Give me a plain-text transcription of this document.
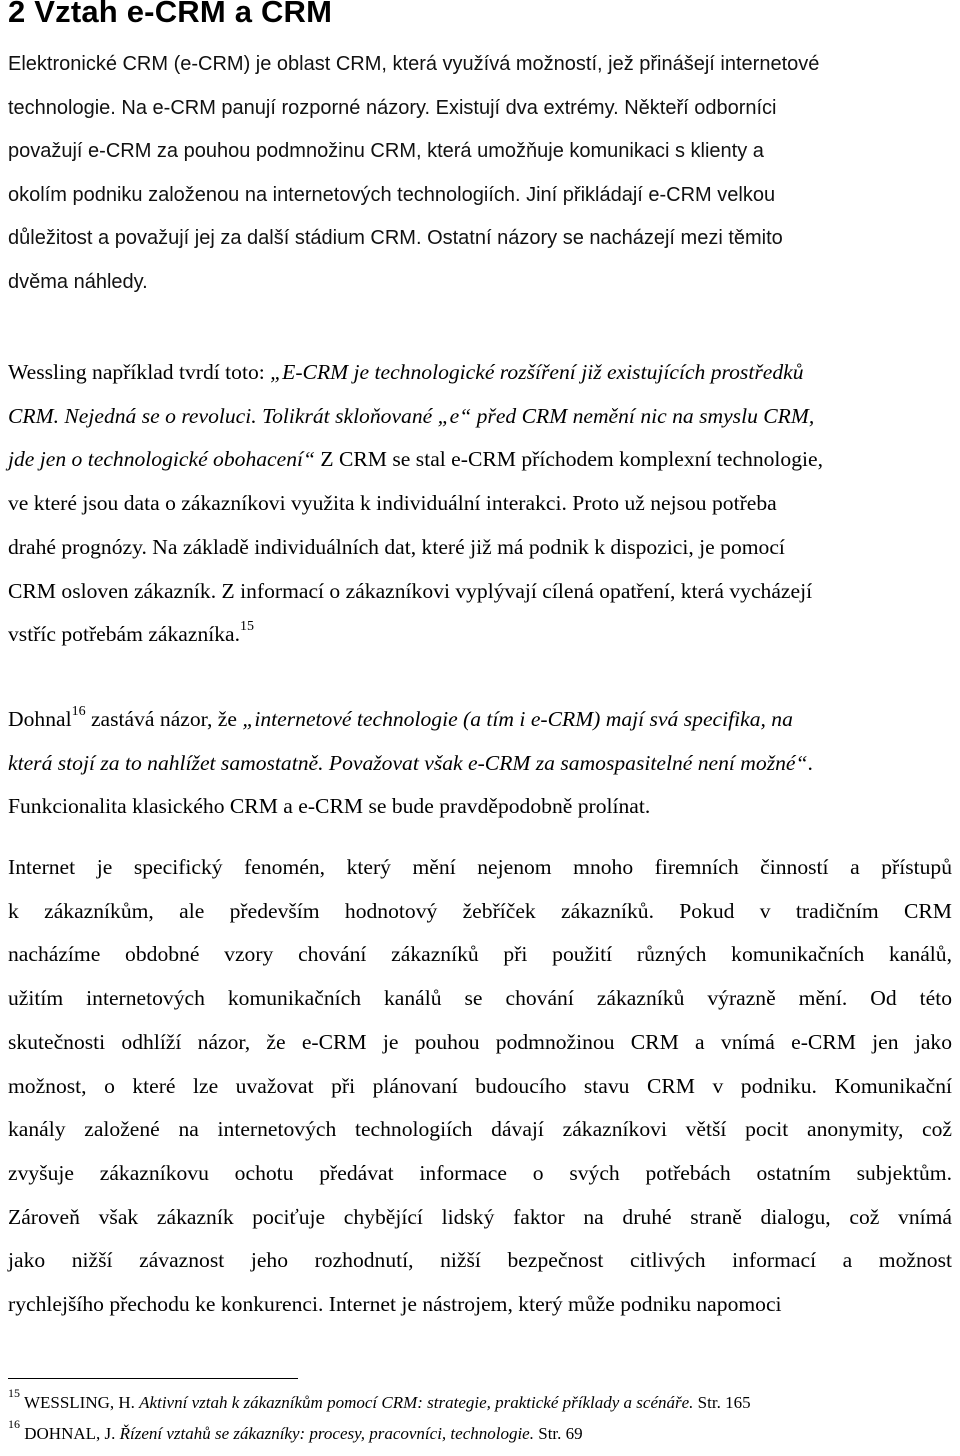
2 Vztah e-CRM a CRM
Elektronické CRM (e-CRM) je oblast CRM, která využívá možností, jež přinášejí internetové
technologie. Na e-CRM panují rozporné názory. Existují dva extrémy. Někteří odborníci
považují e-CRM za pouhou podmnožinu CRM, která umožňuje komunikaci s klienty a
okolím podniku založenou na internetových technologiích. Jiní přikládají e-CRM velkou
důležitost a považují jej za další stádium CRM. Ostatní názory se nacházejí mezi těmito
dvěma náhledy.
Wessling například tvrdí toto: „E-CRM je technologické rozšíření již existujících prostředků
CRM. Nejedná se o revoluci. Tolikrát skloňované „e“ před CRM nemění nic na smyslu CRM,
jde jen o technologické obohacení“ Z CRM se stal e-CRM příchodem komplexní technologie,
ve které jsou data o zákazníkovi využita k individuální interakci. Proto už nejsou potřeba
drahé prognózy. Na základě individuálních dat, které již má podnik k dispozici, je pomocí
CRM osloven zákazník. Z informací o zákazníkovi vyplývají cílená opatření, která vycházejí
vstříc potřebám zákazníka.$^{15}$
Dohnal$^{16}$ zastává názor, že „internetové technologie (a tím i e-CRM) mají svá specifika, na
která stojí za to nahlížet samostatně. Považovat však e-CRM za samospasitelné není možné“.
Funkcionalita klasického CRM a e-CRM se bude pravděpodobně prolínat.
Internet je specifický fenomén, který mění nejenom mnoho firemních činností a přístupů
k zákazníkům, ale především hodnotový žebříček zákazníků. Pokud v tradičním CRM
nacházíme obdobné vzory chování zákazníků při použití různých komunikačních kanálů,
užitím internetových komunikačních kanálů se chování zákazníků výrazně mění. Od této
skutečnosti odhlíží názor, že e-CRM je pouhou podmnožinou CRM a vnímá e-CRM jen jako
možnost, o které lze uvažovat při plánovaní budoucího stavu CRM v podniku. Komunikační
kanály založené na internetových technologiích dávají zákazníkovi větší pocit anonymity, což
zvyšuje zákazníkovu ochotu předávat informace o svých potřebách ostatním subjektům.
Zároveň však zákazník pociťuje chybějící lidský faktor na druhé straně dialogu, což vnímá
jako nižší závaznost jeho rozhodnutí, nižší bezpečnost citlivých informací a možnost
rychlejšího přechodu ke konkurenci. Internet je nástrojem, který může podniku napomoci
$^{15}$ WESSLING, H. Aktivní vztah k zákazníkům pomocí CRM: strategie, praktické příklady a scénáře. Str. 165
$^{16}$ DOHNAL, J. Řízení vztahů se zákazníky: procesy, pracovníci, technologie. Str. 69
